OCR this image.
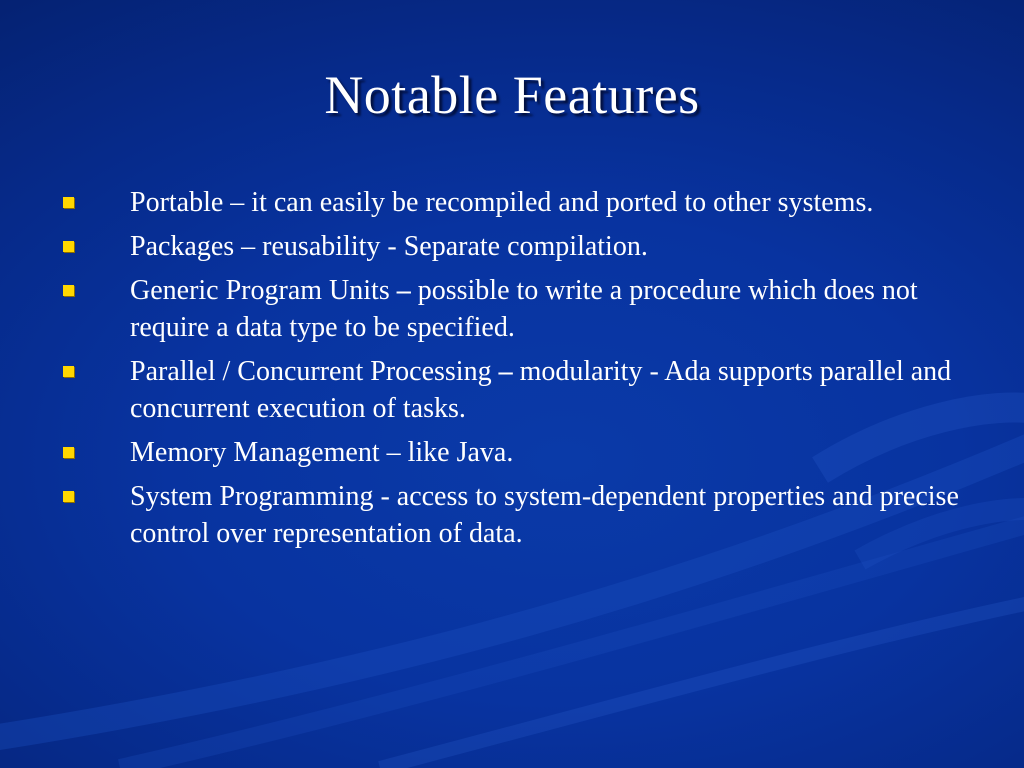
Notable Features
Portable – it can easily be recompiled and ported to other systems.
Packages – reusability - Separate compilation.
Generic Program Units – possible to write a procedure which does not require a data type to be specified.
Parallel / Concurrent Processing – modularity - Ada supports parallel and concurrent execution of tasks.
Memory Management – like Java.
System Programming - access to system-dependent properties and precise control over representation of data.
